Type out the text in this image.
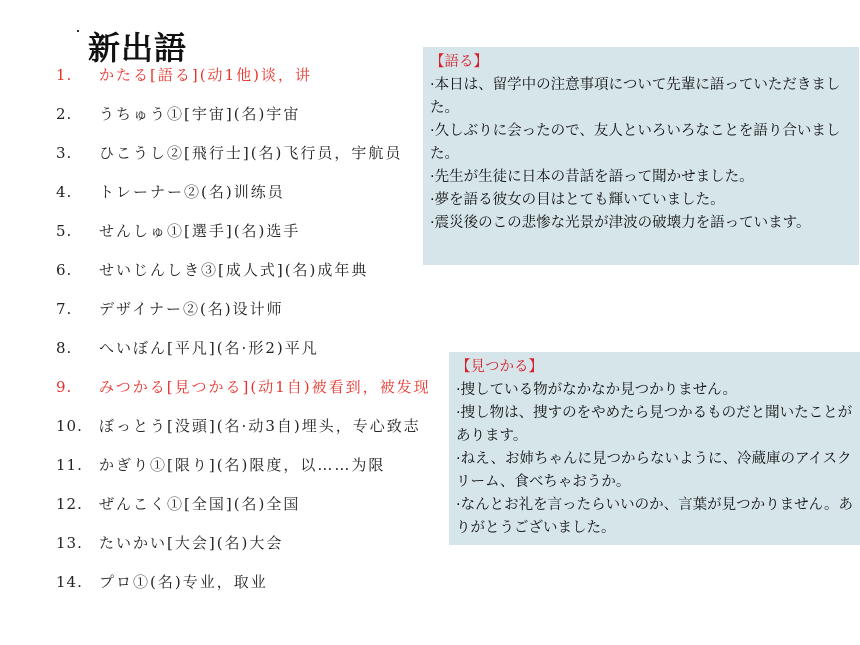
新出語
1. かたる[語る](动1他)谈，讲
2. うちゅう①[宇宙](名)宇宙
3. ひこうし②[飛行士](名)飞行员，宇航员
4. トレーナー②(名)训练员
5. せんしゅ①[選手](名)选手
6. せいじんしき③[成人式](名)成年典
7. デザイナー②(名)设计师
8. へいぼん[平凡](名·形2)平凡
9. みつかる[見つかる](动1自)被看到，被发现
10. ぼっとう[没頭](名·动3自)埋头，专心致志
11. かぎり①[限り](名)限度，以……为限
12. ぜんこく①[全国](名)全国
13. たいかい[大会](名)大会
14. プロ①(名)专业，取业
【語る】

·本日は、留学中の注意事項について先輩に語っていただきました。

·久しぶりに会ったので、友人といろいろなことを語り合いました。

·先生が生徒に日本の昔話を語って聞かせました。

·夢を語る彼女の目はとても輝いていました。

·震災後のこの悲惨な光景が津波の破壊力を語っています。

【見つかる】

·捜している物がなかなか見つかりません。

·捜し物は、捜すのをやめたら見つかるものだと聞いたことがあります。

·ねえ、お姉ちゃんに見つからないように、冷蔵庫のアイスクリーム、食べちゃおうか。

·なんとお礼を言ったらいいのか、言葉が見つかりません。ありがとうございました。
